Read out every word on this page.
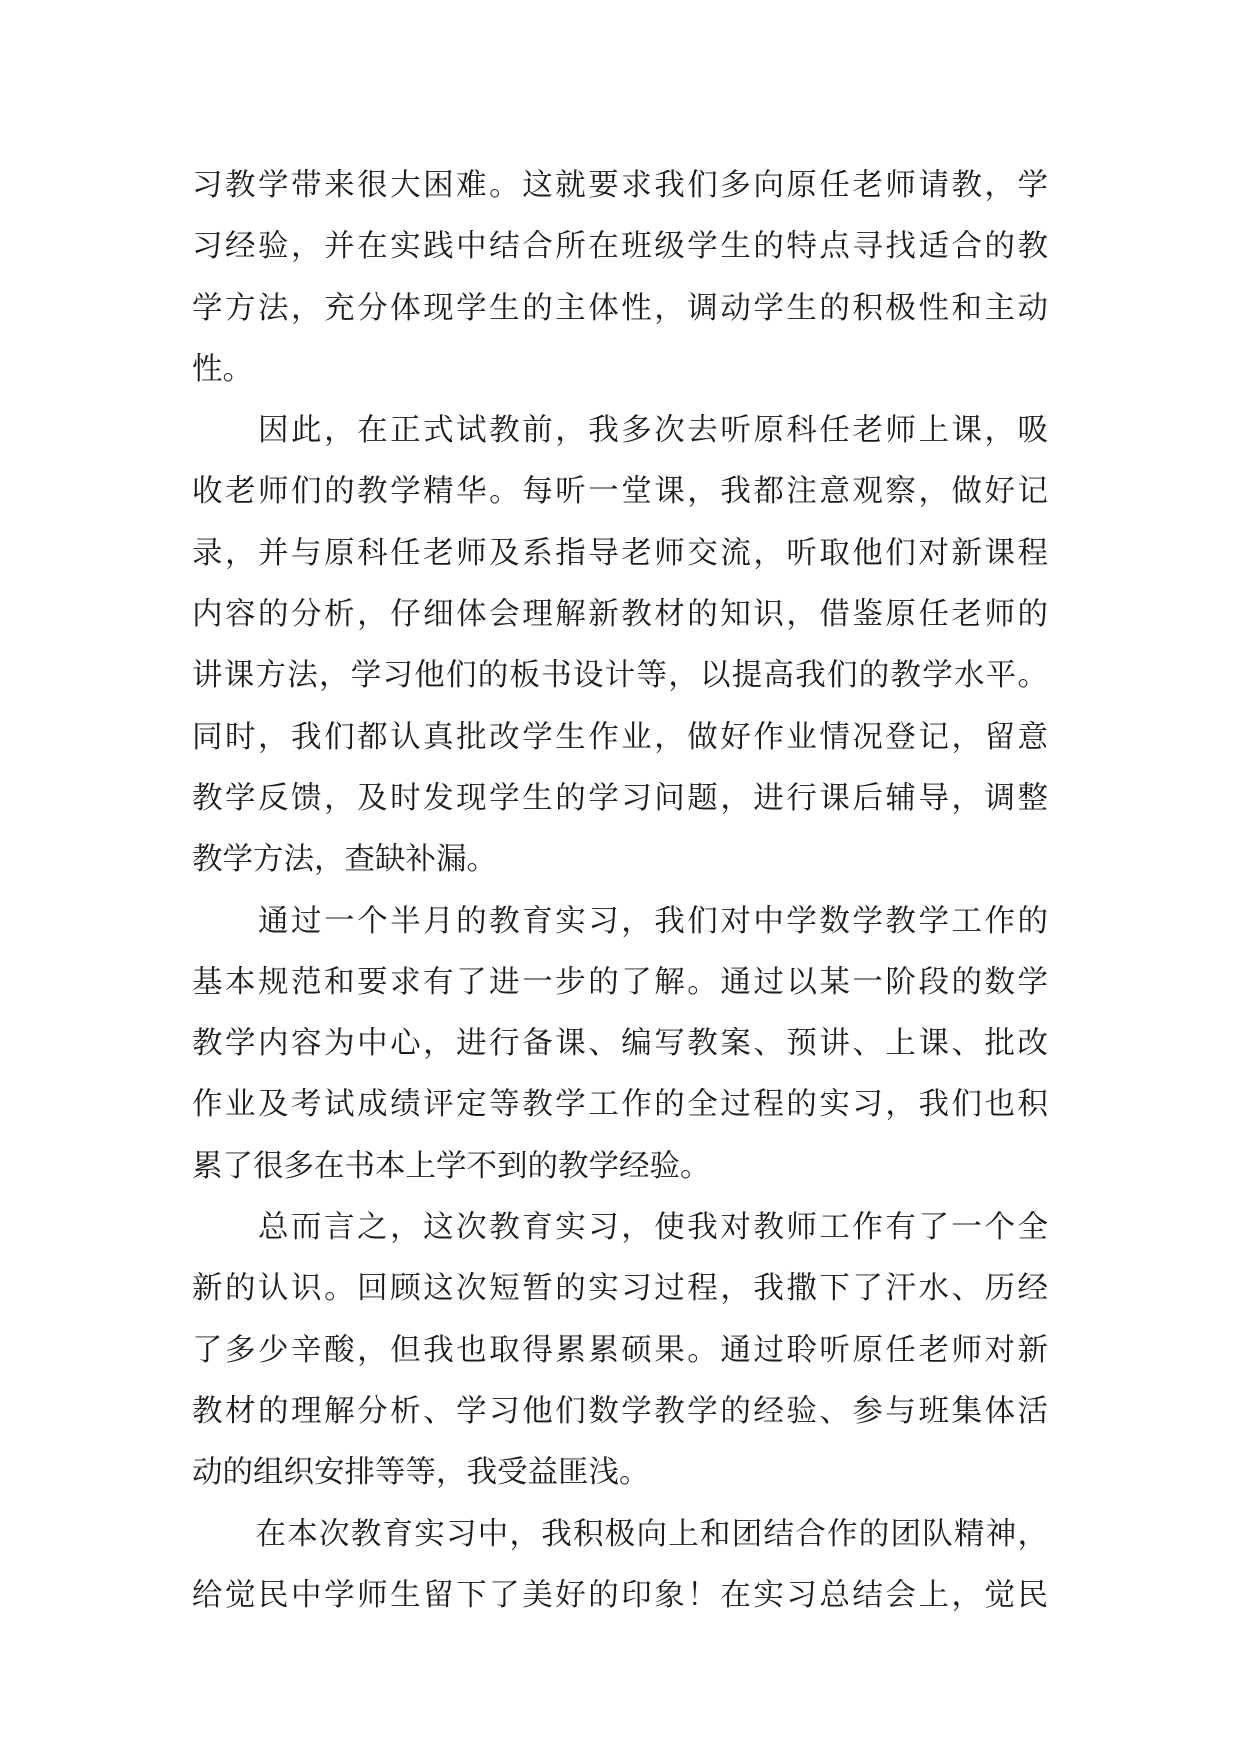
习教学带来很大困难。这就要求我们多向原任老师请教，学
习经验，并在实践中结合所在班级学生的特点寻找适合的教
学方法，充分体现学生的主体性，调动学生的积极性和主动
性。
　　因此，在正式试教前，我多次去听原科任老师上课，吸
收老师们的教学精华。每听一堂课，我都注意观察，做好记
录，并与原科任老师及系指导老师交流，听取他们对新课程
内容的分析，仔细体会理解新教材的知识，借鉴原任老师的
讲课方法，学习他们的板书设计等，以提高我们的教学水平。
同时，我们都认真批改学生作业，做好作业情况登记，留意
教学反馈，及时发现学生的学习问题，进行课后辅导，调整
教学方法，查缺补漏。
　　通过一个半月的教育实习，我们对中学数学教学工作的
基本规范和要求有了进一步的了解。通过以某一阶段的数学
教学内容为中心，进行备课、编写教案、预讲、上课、批改
作业及考试成绩评定等教学工作的全过程的实习，我们也积
累了很多在书本上学不到的教学经验。
　　总而言之，这次教育实习，使我对教师工作有了一个全
新的认识。回顾这次短暂的实习过程，我撒下了汗水、历经
了多少辛酸，但我也取得累累硕果。通过聆听原任老师对新
教材的理解分析、学习他们数学教学的经验、参与班集体活
动的组织安排等等，我受益匪浅。
　　在本次教育实习中，我积极向上和团结合作的团队精神，
给觉民中学师生留下了美好的印象！在实习总结会上，觉民
